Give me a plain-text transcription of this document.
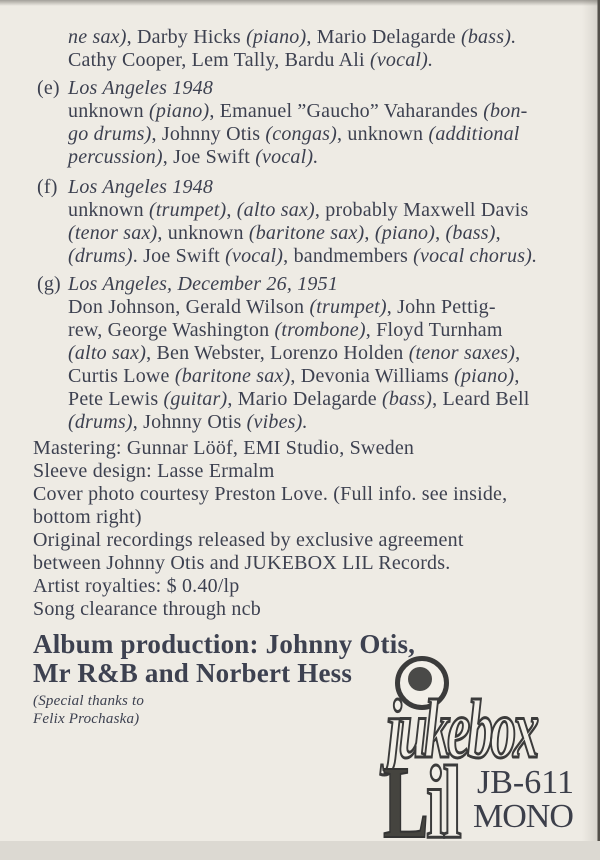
ne sax), Darby Hicks (piano), Mario Delagarde (bass).
Cathy Cooper, Lem Tally, Bardu Ali (vocal).
(e) Los Angeles 1948
unknown (piano), Emanuel ”Gaucho” Vaharandes (bon-
go drums), Johnny Otis (congas), unknown (additional
percussion), Joe Swift (vocal).
(f) Los Angeles 1948
unknown (trumpet), (alto sax), probably Maxwell Davis
(tenor sax), unknown (baritone sax), (piano), (bass),
(drums). Joe Swift (vocal), bandmembers (vocal chorus).
(g) Los Angeles, December 26, 1951
Don Johnson, Gerald Wilson (trumpet), John Pettig-
rew, George Washington (trombone), Floyd Turnham
(alto sax), Ben Webster, Lorenzo Holden (tenor saxes),
Curtis Lowe (baritone sax), Devonia Williams (piano),
Pete Lewis (guitar), Mario Delagarde (bass), Leard Bell
(drums), Johnny Otis (vibes).
Mastering: Gunnar Lööf, EMI Studio, Sweden
Sleeve design: Lasse Ermalm
Cover photo courtesy Preston Love. (Full info. see inside,
bottom right)
Original recordings released by exclusive agreement
between Johnny Otis and JUKEBOX LIL Records.
Artist royalties: $ 0.40/lp
Song clearance through ncb
Album production: Johnny Otis,
Mr R&B and Norbert Hess
(Special thanks to
Felix Prochaska)	jukebox
Lil JB-611
MONO
